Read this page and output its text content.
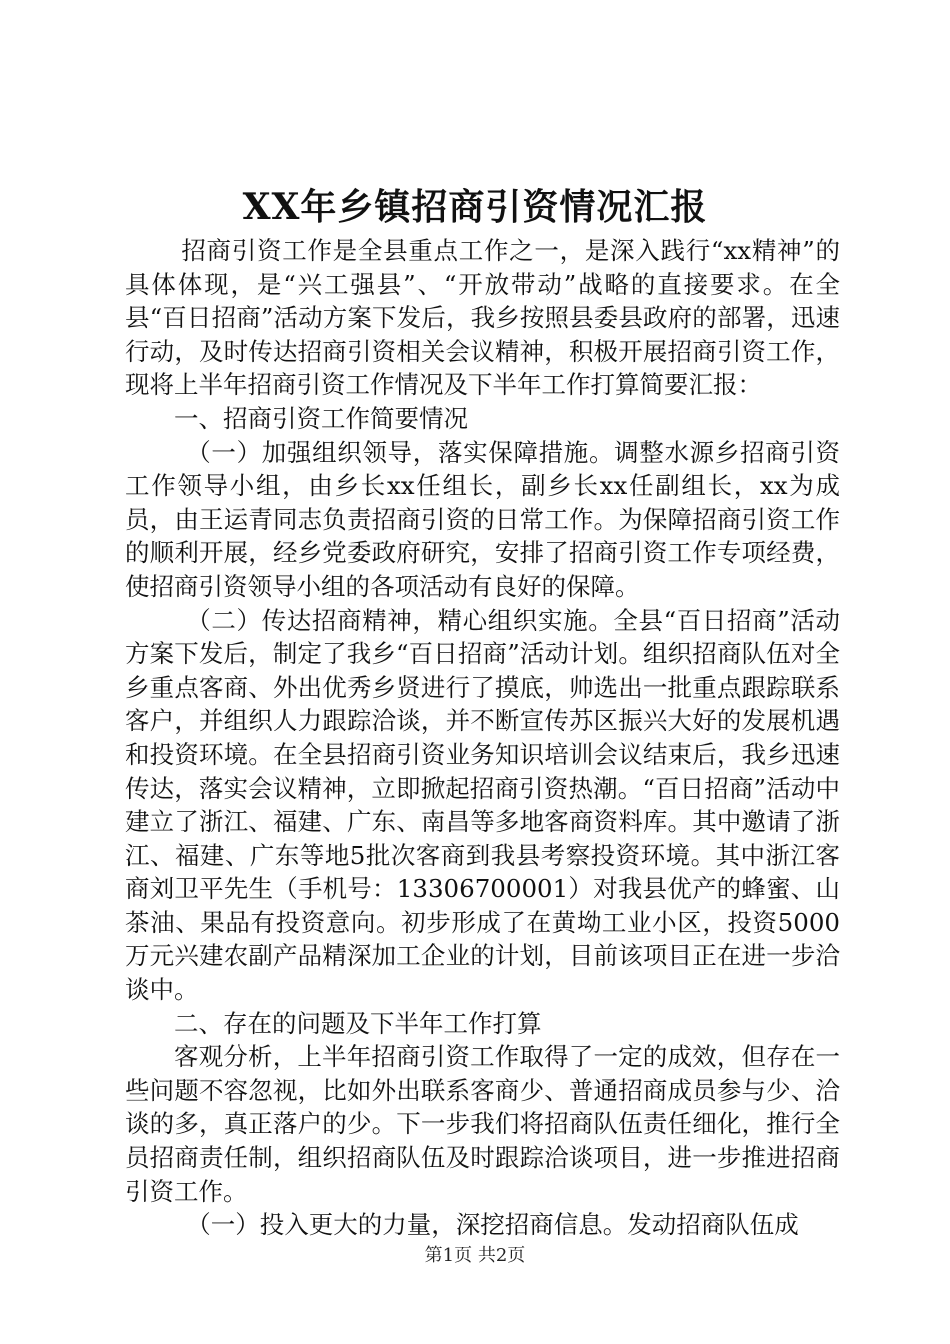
XX年乡镇招商引资情况汇报

招商引资工作是全县重点工作之一，是深入践行“xx精神”的具体体现，是“兴工强县”、“开放带动”战略的直接要求。在全县“百日招商”活动方案下发后，我乡按照县委县政府的部署，迅速行动，及时传达招商引资相关会议精神，积极开展招商引资工作，现将上半年招商引资工作情况及下半年工作打算简要汇报：

一、招商引资工作简要情况

（一）加强组织领导，落实保障措施。调整水源乡招商引资工作领导小组，由乡长xx任组长，副乡长xx任副组长，xx为成员，由王运青同志负责招商引资的日常工作。为保障招商引资工作的顺利开展，经乡党委政府研究，安排了招商引资工作专项经费，使招商引资领导小组的各项活动有良好的保障。

（二）传达招商精神，精心组织实施。全县“百日招商”活动方案下发后，制定了我乡“百日招商”活动计划。组织招商队伍对全乡重点客商、外出优秀乡贤进行了摸底，帅选出一批重点跟踪联系客户，并组织人力跟踪洽谈，并不断宣传苏区振兴大好的发展机遇和投资环境。在全县招商引资业务知识培训会议结束后，我乡迅速传达，落实会议精神，立即掀起招商引资热潮。“百日招商”活动中建立了浙江、福建、广东、南昌等多地客商资料库。其中邀请了浙江、福建、广东等地5批次客商到我县考察投资环境。其中浙江客商刘卫平先生（手机号：13306700001）对我县优产的蜂蜜、山茶油、果品有投资意向。初步形成了在黄坳工业小区，投资5000万元兴建农副产品精深加工企业的计划，目前该项目正在进一步洽谈中。

二、存在的问题及下半年工作打算

客观分析，上半年招商引资工作取得了一定的成效，但存在一些问题不容忽视，比如外出联系客商少、普通招商成员参与少、洽谈的多，真正落户的少。下一步我们将招商队伍责任细化，推行全员招商责任制，组织招商队伍及时跟踪洽谈项目，进一步推进招商引资工作。

（一）投入更大的力量，深挖招商信息。发动招商队伍成

第1页 共2页
